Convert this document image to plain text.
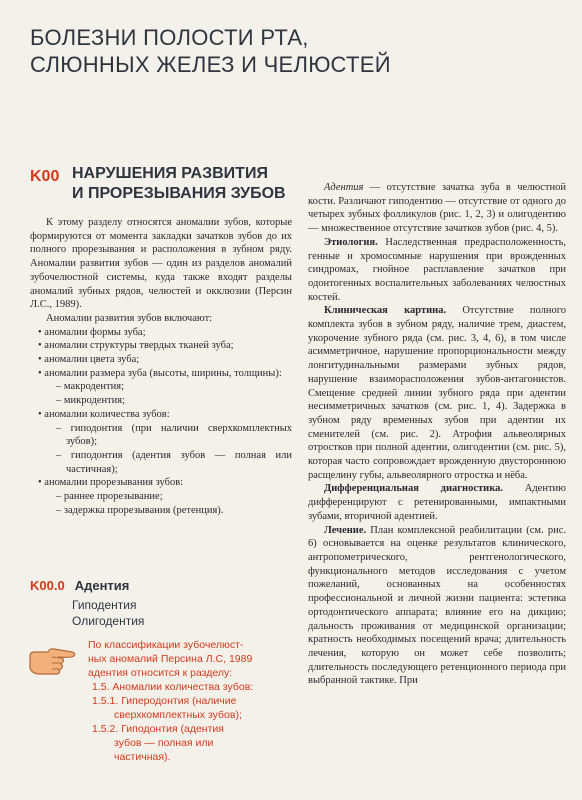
БОЛЕЗНИ ПОЛОСТИ РТА,
СЛЮННЫХ ЖЕЛЕЗ И ЧЕЛЮСТЕЙ
K00 НАРУШЕНИЯ РАЗВИТИЯ
И ПРОРЕЗЫВАНИЯ ЗУБОВ

К этому разделу относятся аномалии зубов, которые формируются от момента закладки зачатков зубов до их полного прорезывания и расположения в зубном ряду. Аномалии развития зубов — один из разделов аномалий зубочелюстной системы, куда также входят разделы аномалий зубных рядов, челюстей и окклюзии (Персин Л.С., 1989).

Аномалии развития зубов включают:

• аномалии формы зуба;
• аномалии структуры твердых тканей зуба;
• аномалии цвета зуба;
• аномалии размера зуба (высоты, ширины, толщины):
– макродентия;
– микродентия;
• аномалии количества зубов:
– гиподонтия (при наличии сверхкомплектных зубов);
– гиподонтия (адентия зубов — полная или частичная);
• аномалии прорезывания зубов:
– раннее прорезывание;
– задержка прорезывания (ретенция).
K00.0 Адентия
Гиподентия
Олигодентия
По классификации зубочелюст-
ных аномалий Персина Л.С, 1989
адентия относится к разделу:
1.5. Аномалии количества зубов:
1.5.1. Гиперодонтия (наличие
сверхкомплектных зубов);
1.5.2. Гиподонтия (адентия
зубов — полная или
частичная).

Адентия — отсутствие зачатка зуба в челюстной кости. Различают гиподентию — отсутствие от одного до четырех зубных фолликулов (рис. 1, 2, 3) и олигодентию — множественное отсутствие зачатков зубов (рис. 4, 5).

Этиология. Наследственная предрасположенность, генные и хромосомные нарушения при врожденных синдромах, гнойное расплавление зачатков при одонтогенных воспалительных заболеваниях челюстных костей.

Клиническая картина. Отсутствие полного комплекта зубов в зубном ряду, наличие трем, диастем, укорочение зубного ряда (см. рис. 3, 4, 6), в том числе асимметричное, нарушение пропорциональности между лонгитудинальными размерами зубных рядов, нарушение взаиморасположения зубов-антагонистов. Смещение средней линии зубного ряда при адентии несимметричных зачатков (см. рис. 1, 4). Задержка в зубном ряду временных зубов при адентии их сменителей (см. рис. 2). Атрофия альвеолярных отростков при полной адентии, олигодентии (см. рис. 5), которая часто сопровождает врожденную двустороннюю расщелину губы, альвеолярного отростка и нёба.

Дифференциальная диагностика. Адентию дифференцируют с ретенированными, импактными зубами, вторичной адентией.

Лечение. План комплексной реабилитации (см. рис. 6) основывается на оценке результатов клинического, антропометрического, рентгенологического, функционального методов исследования с учетом пожеланий, основанных на особенностях профессиональной и личной жизни пациента: эстетика ортодонтического аппарата; влияние его на дикцию; дальность проживания от медицинской организации; кратность необходимых посещений врача; длительность лечения, которую он может себе позволить; длительность последующего ретенционного периода при выбранной тактике. При
